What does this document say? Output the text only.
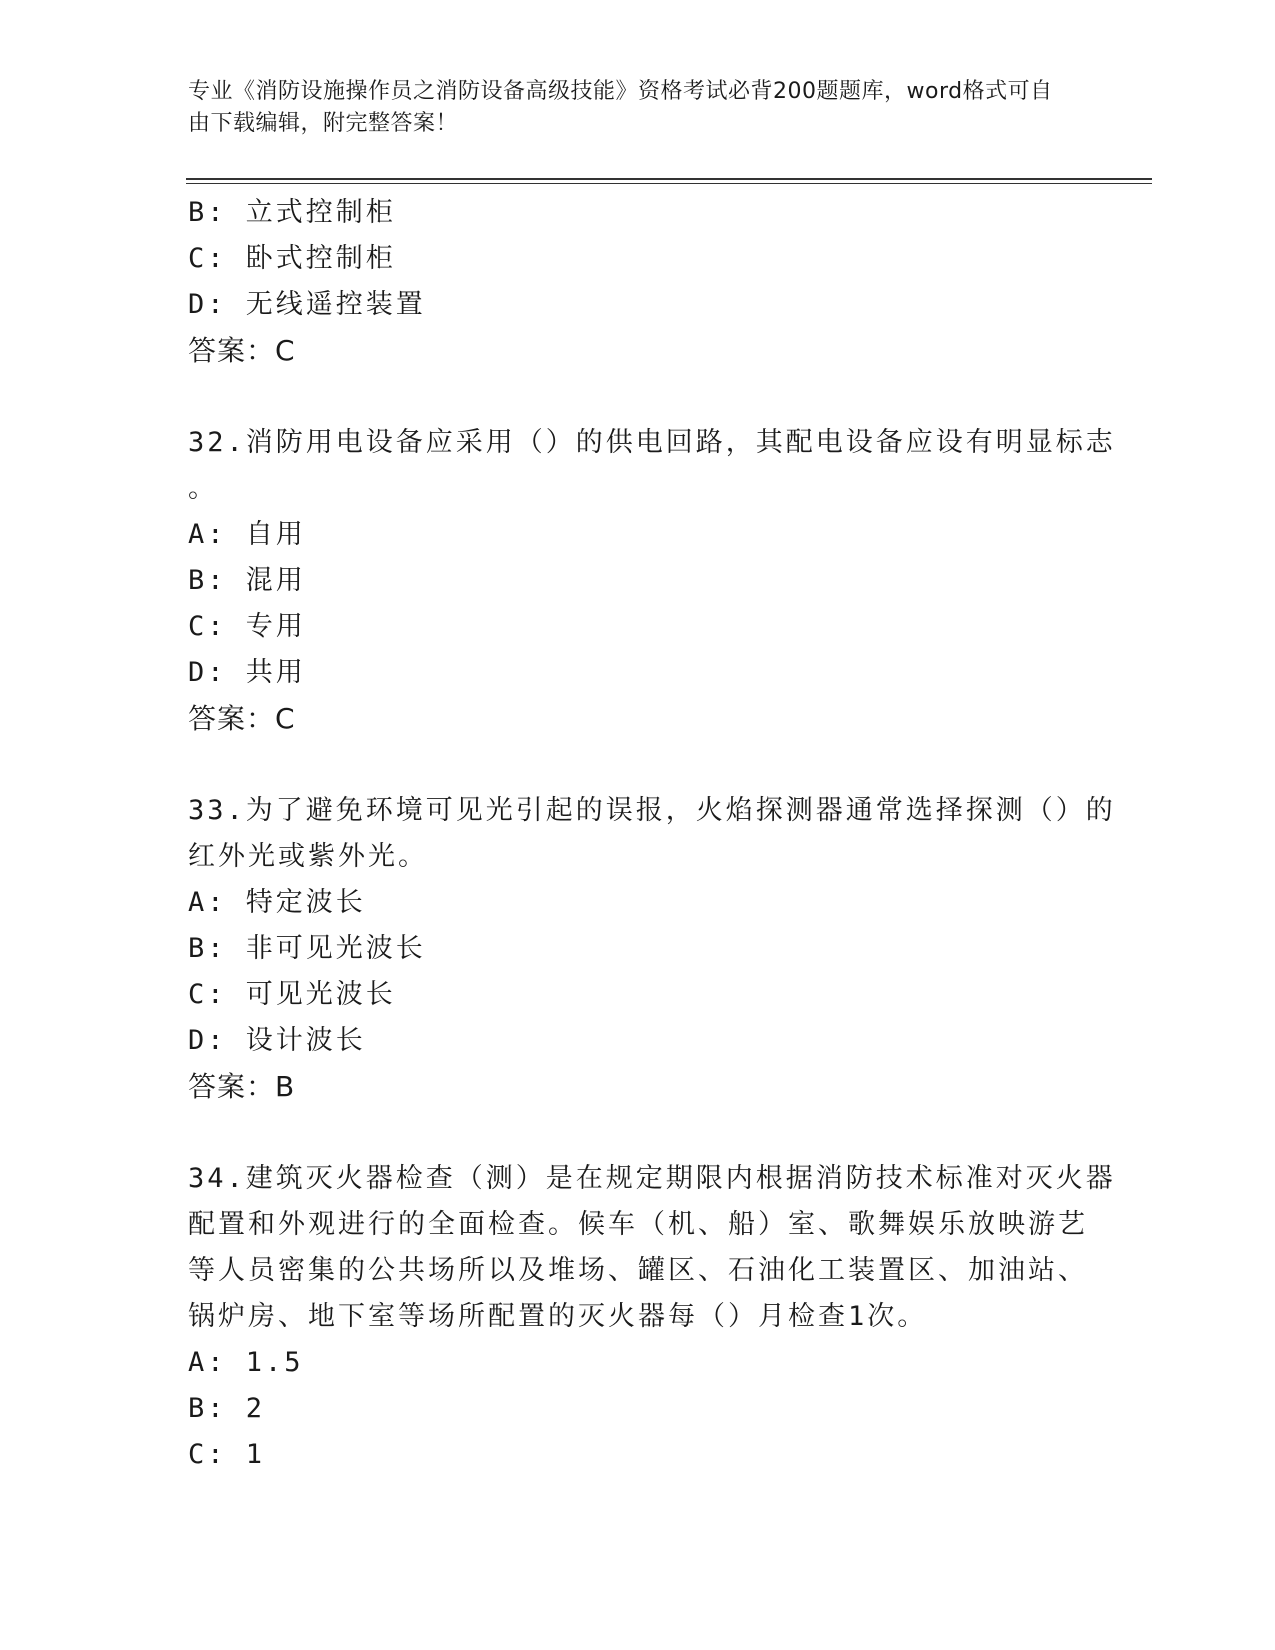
专业《消防设施操作员之消防设备高级技能》资格考试必背200题题库，word格式可自由下载编辑，附完整答案！
B: 立式控制柜
C: 卧式控制柜
D: 无线遥控装置
答案：C
32.消防用电设备应采用（）的供电回路，其配电设备应设有明显标志
。
A: 自用
B: 混用
C: 专用
D: 共用
答案：C
33.为了避免环境可见光引起的误报，火焰探测器通常选择探测（）的
红外光或紫外光。
A: 特定波长
B: 非可见光波长
C: 可见光波长
D: 设计波长
答案：B
34.建筑灭火器检查（测）是在规定期限内根据消防技术标准对灭火器
配置和外观进行的全面检查。候车（机、船）室、歌舞娱乐放映游艺
等人员密集的公共场所以及堆场、罐区、石油化工装置区、加油站、
锅炉房、地下室等场所配置的灭火器每（）月检查1次。
A: 1.5
B: 2
C: 1
